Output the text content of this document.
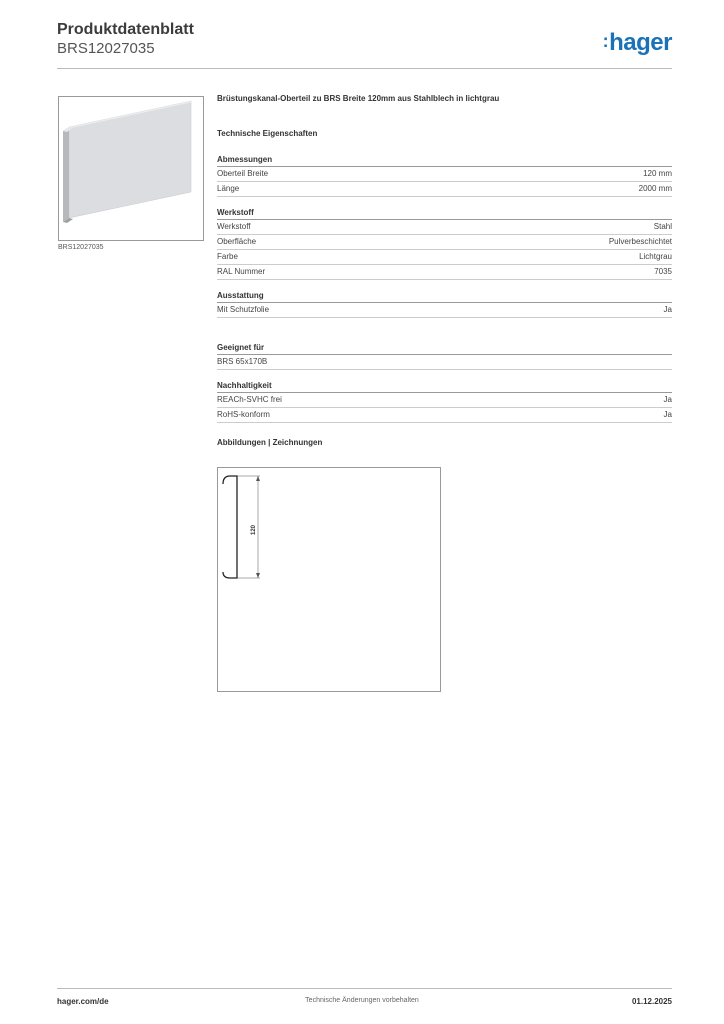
Produktdatenblatt
BRS12027035	:hager
BRS12027035
Brüstungskanal-Oberteil zu BRS Breite 120mm aus Stahlblech in lichtgrau
Technische Eigenschaften
Abmessungen
Oberteil Breite	120 mm
Länge	2000 mm
Werkstoff
Werkstoff	Stahl
Oberfläche	Pulverbeschichtet
Farbe	Lichtgrau
RAL Nummer	7035
Ausstattung
Mit Schutzfolie	Ja
Geeignet für
BRS 65x170B
Nachhaltigkeit
REACh-SVHC frei	Ja
RoHS-konform	Ja
Abbildungen | Zeichnungen
120
hager.com/de	Technische Änderungen vorbehalten	01.12.2025
